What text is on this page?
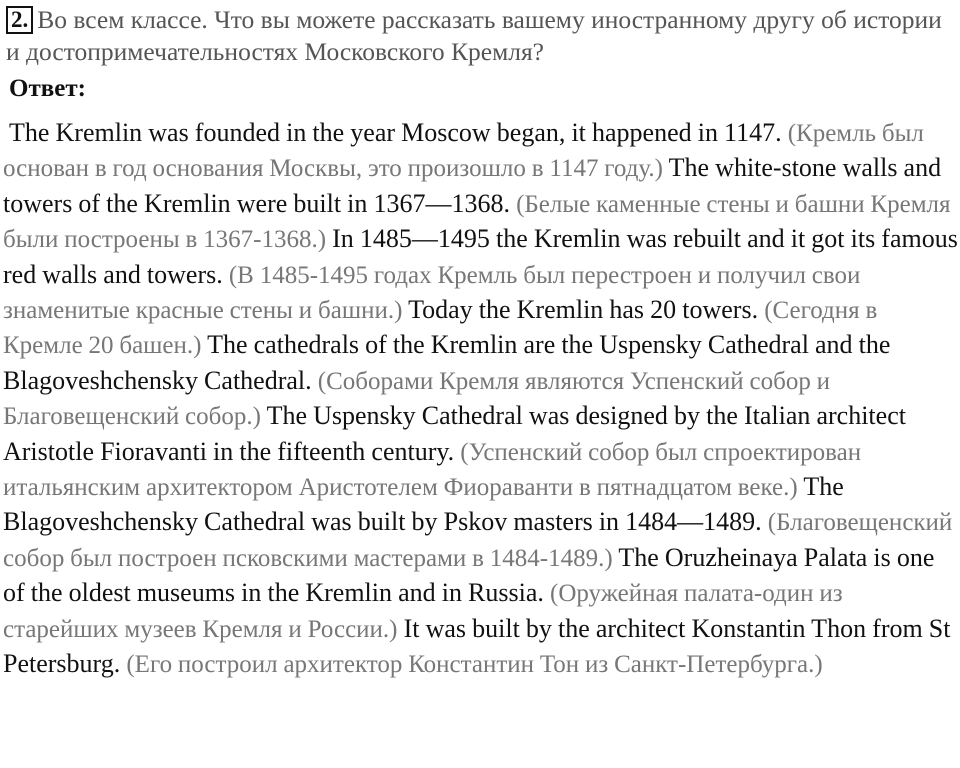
2. Во всем классе. Что вы можете рассказать вашему иностранному другу об истории и достопримечательностях Московского Кремля?
Ответ:
The Kremlin was founded in the year Moscow began, it happened in 1147. (Кремль был основан в год основания Москвы, это произошло в 1147 году.) The white-stone walls and towers of the Kremlin were built in 1367—1368. (Белые каменные стены и башни Кремля были построены в 1367-1368.) In 1485—1495 the Kremlin was rebuilt and it got its famous red walls and towers. (В 1485-1495 годах Кремль был перестроен и получил свои знаменитые красные стены и башни.) Today the Kremlin has 20 towers. (Сегодня в Кремле 20 башен.) The cathedrals of the Kremlin are the Uspensky Cathedral and the Blagoveshchensky Cathedral. (Соборами Кремля являются Успенский собор и Благовещенский собор.) The Uspensky Cathedral was designed by the Italian architect Aristotle Fioravanti in the fifteenth century. (Успенский собор был спроектирован итальянским архитектором Аристотелем Фиораванти в пятнадцатом веке.) The Blagoveshchensky Cathedral was built by Pskov masters in 1484—1489. (Благовещенский собор был построен псковскими мастерами в 1484-1489.) The Oruzheinaya Palata is one of the oldest museums in the Kremlin and in Russia. (Оружейная палата-один из старейших музеев Кремля и России.) It was built by the architect Konstantin Thon from St Petersburg. (Его построил архитектор Константин Тон из Санкт-Петербурга.)
